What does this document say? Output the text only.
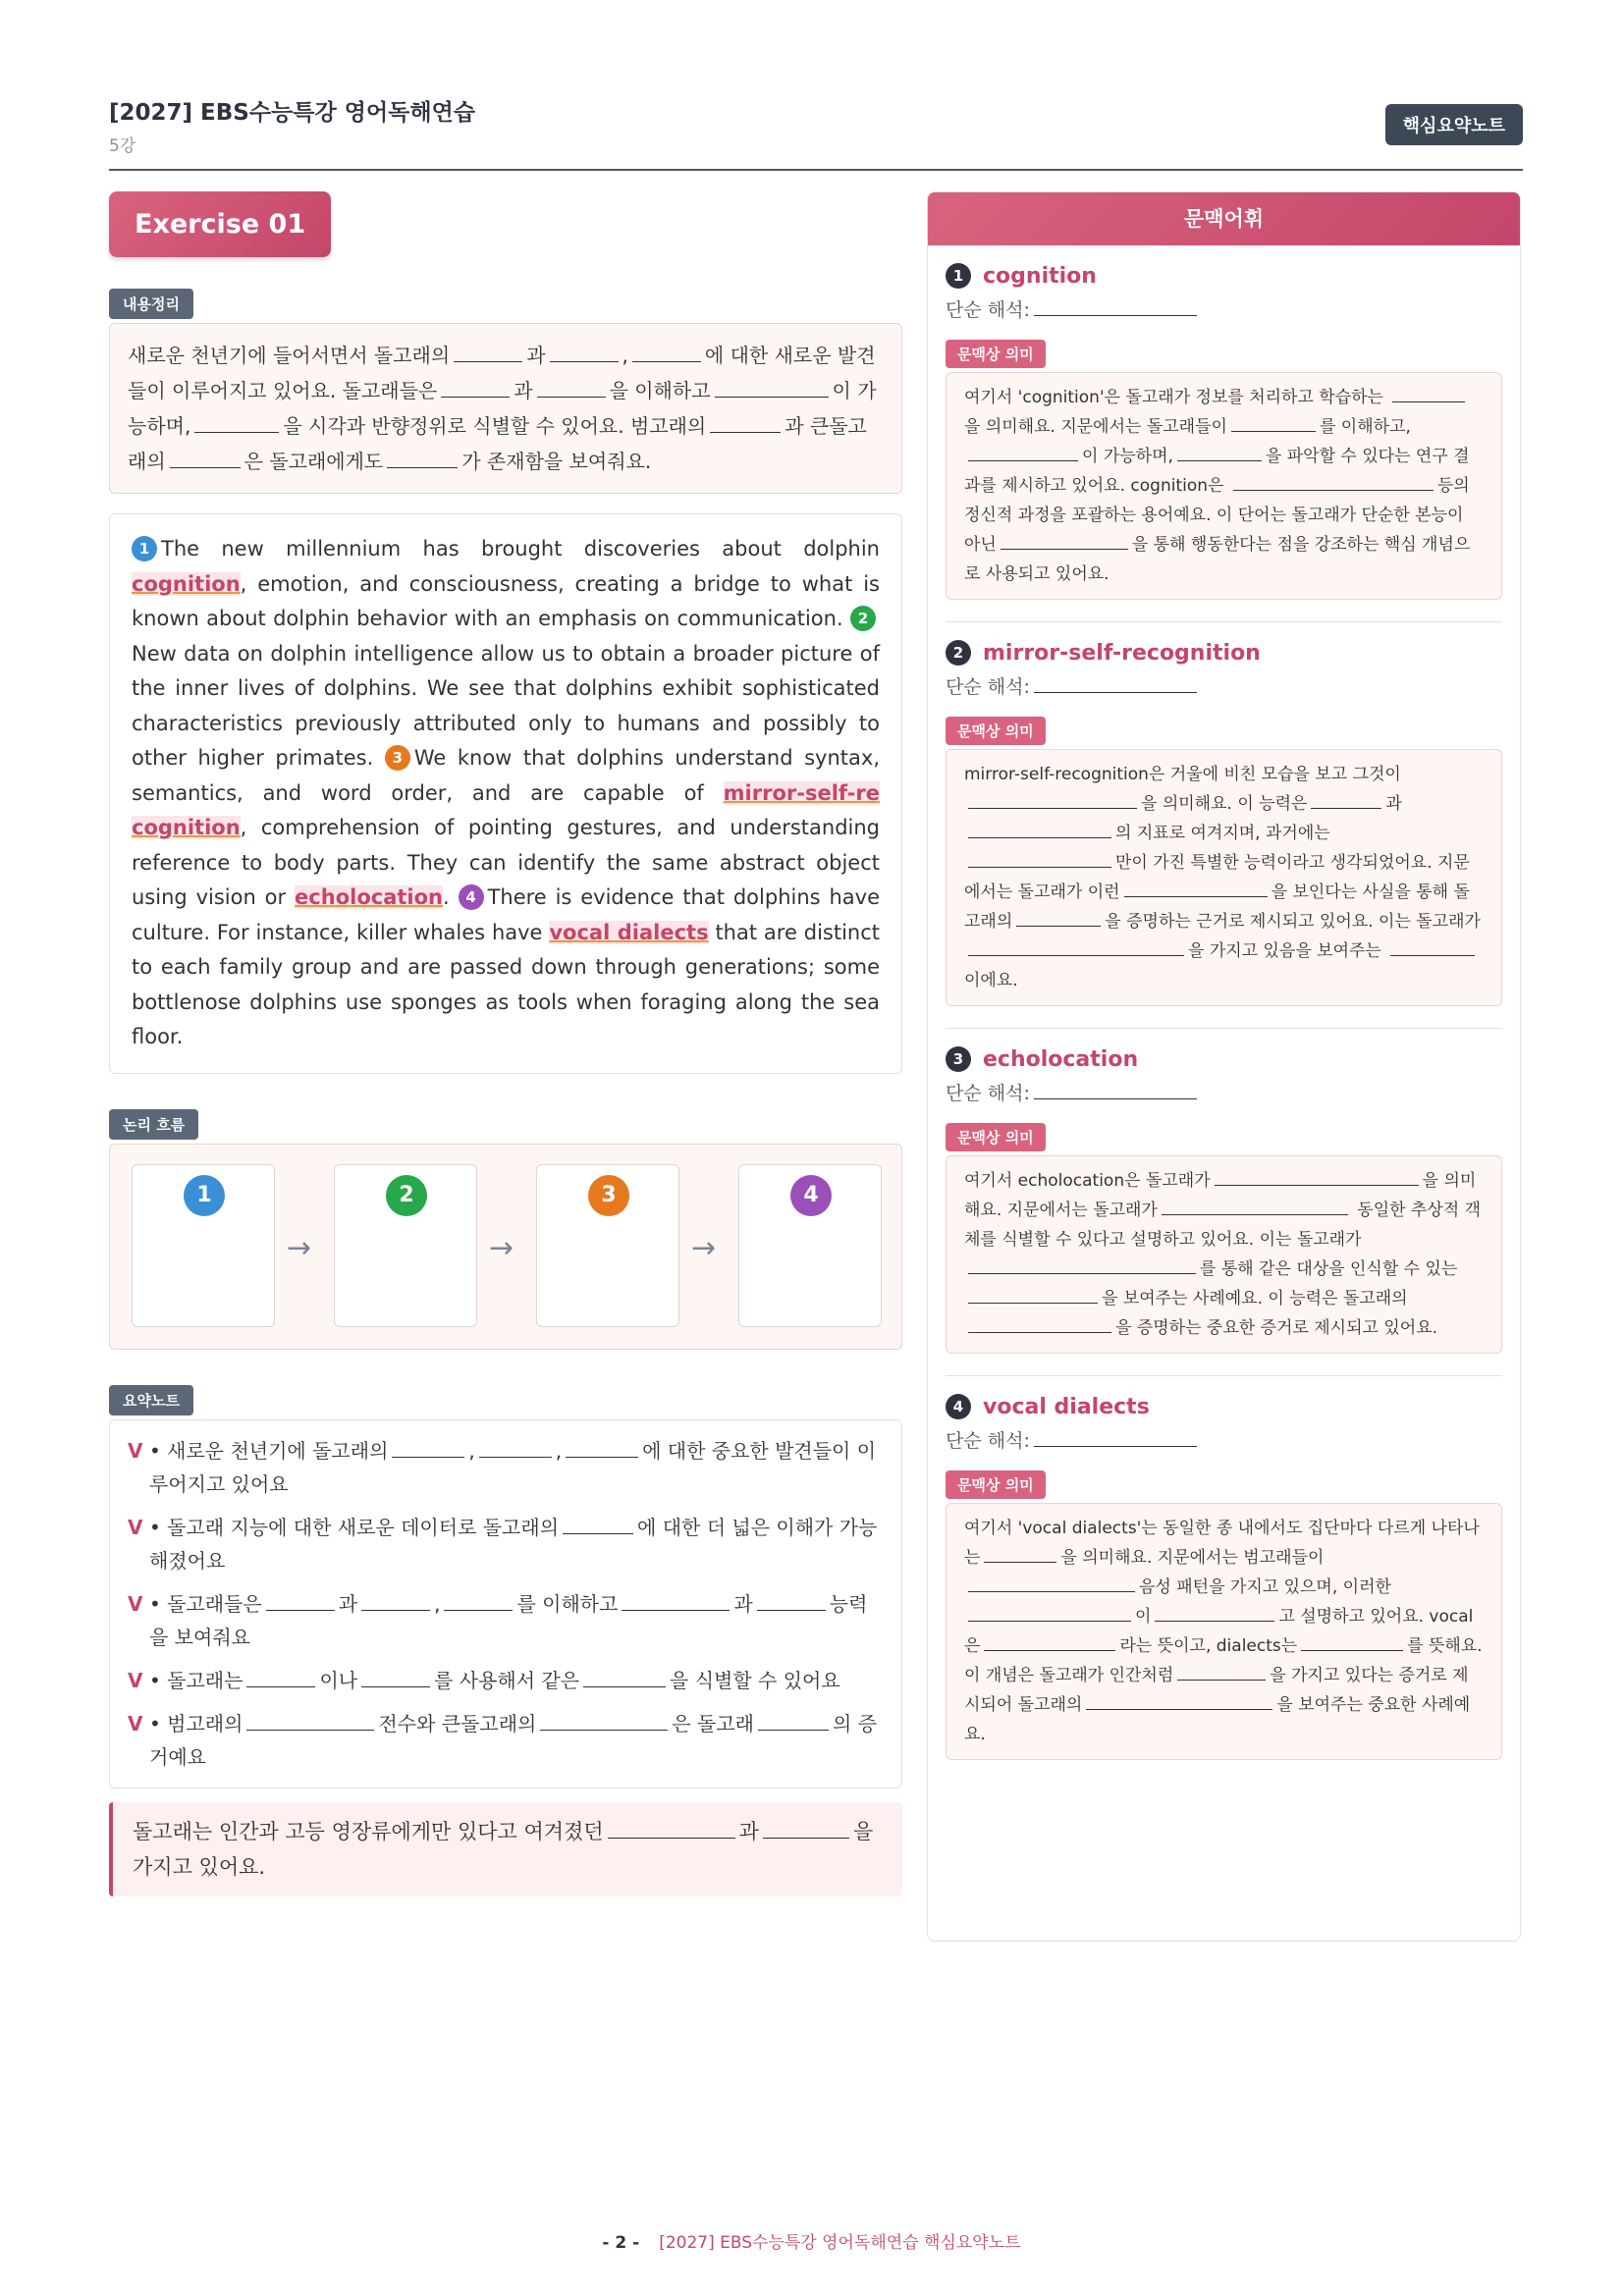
[2027] EBS수능특강 영어독해연습
5강
핵심요약노트
Exercise 01
내용정리
새로운 천년기에 들어서면서 돌고래의	과	,	에 대한 새로운 발견들이 이루어지고 있어요. 돌고래들은	과	을 이해하고	이 가능하며,	을 시각과 반향정위로 식별할 수 있어요. 범고래의	과 큰돌고래의	은 돌고래에게도	가 존재함을 보여줘요.
1 The new millennium has brought discoveries about dolphin cognition, emotion, and consciousness, creating a bridge to what is known about dolphin behavior with an emphasis on communication. 2New data on dolphin intelligence allow us to obtain a broader picture of the inner lives of dolphins. We see that dolphins exhibit sophisticated characteristics previously attributed only to humans and possibly to other higher primates. 3 We know that dolphins understand syntax, semantics, and word order, and are capable of mirror-self-re cognition, comprehension of pointing gestures, and understanding reference to body parts. They can identify the same abstract object using vision or echolocation. 4 There is evidence that dolphins have culture. For instance, killer whales have vocal dialects that are distinct to each family group and are passed down through generations; some bottlenose dolphins use sponges as tools when foraging along the sea floor.
논리 흐름
1
→
2
→
3
→
4
요약노트
V • 새로운 천년기에 돌고래의	,	,	에 대한 중요한 발견들이 이루어지고 있어요
V • 돌고래 지능에 대한 새로운 데이터로 돌고래의	에 대한 더 넓은 이해가 가능해졌어요
V • 돌고래들은	과	,	를 이해하고	과	능력을 보여줘요
V • 돌고래는	이나	를 사용해서 같은	을 식별할 수 있어요
V • 범고래의	전수와 큰돌고래의	은 돌고래	의 증거예요
돌고래는 인간과 고등 영장류에게만 있다고 여겨졌던	과	을 가지고 있어요.
문맥어휘
1 cognition
단순 해석:
문맥상 의미
여기서 'cognition'은 돌고래가 정보를 처리하고 학습하는 을 의미해요. 지문에서는 돌고래들이	를 이해하고,이 가능하며,	을 파악할 수 있다는 연구 결과를 제시하고 있어요. cognition은	등의 정신적 과정을 포괄하는 용어예요. 이 단어는 돌고래가 단순한 본능이 아닌	을 통해 행동한다는 점을 강조하는 핵심 개념으로 사용되고 있어요.
2 mirror-self-recognition
단순 해석:
문맥상 의미
mirror-self-recognition은 거울에 비친 모습을 보고 그것이 을 의미해요. 이 능력은	과 의 지표로 여겨지며, 과거에는 만이 가진 특별한 능력이라고 생각되었어요. 지문에서는 돌고래가 이런	을 보인다는 사실을 통해 돌고래의	을 증명하는 근거로 제시되고 있어요. 이는 돌고래가을 가지고 있음을 보여주는 이에요.
3 echolocation
단순 해석:
문맥상 의미
여기서 echolocation은 돌고래가	을 의미해요. 지문에서는 돌고래가	동일한 추상적 객체를 식별할 수 있다고 설명하고 있어요. 이는 돌고래가를 통해 같은 대상을 인식할 수 있는을 보여주는 사례예요. 이 능력은 돌고래의 을 증명하는 중요한 증거로 제시되고 있어요.
4 vocal dialects
단순 해석:
문맥상 의미
여기서 'vocal dialects'는 동일한 종 내에서도 집단마다 다르게 나타나는	을 의미해요. 지문에서는 범고래들이 음성 패턴을 가지고 있으며, 이러한 이	고 설명하고 있어요. vocal은	라는 뜻이고, dialects는	를 뜻해요. 이 개념은 돌고래가 인간처럼	을 가지고 있다는 증거로 제시되어 돌고래의	을 보여주는 중요한 사례예요.
- 2 - [2027] EBS수능특강 영어독해연습 핵심요약노트
